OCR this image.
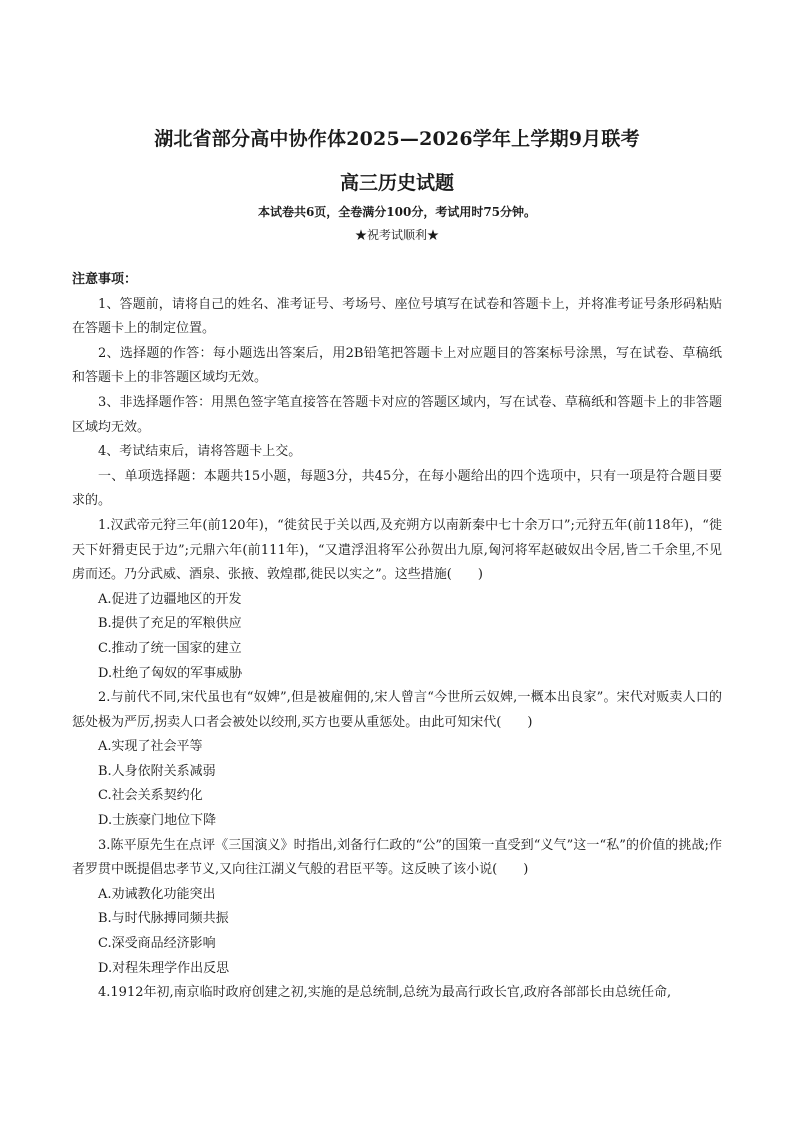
湖北省部分高中协作体2025—2026学年上学期9月联考
高三历史试题
本试卷共6页，全卷满分100分，考试用时75分钟。
★祝考试顺利★

注意事项：

1、答题前，请将自己的姓名、准考证号、考场号、座位号填写在试卷和答题卡上，并将准考证号条形码粘贴在答题卡上的制定位置。

2、选择题的作答：每小题选出答案后，用2B铅笔把答题卡上对应题目的答案标号涂黑，写在试卷、草稿纸和答题卡上的非答题区域均无效。

3、非选择题作答：用黑色签字笔直接答在答题卡对应的答题区域内，写在试卷、草稿纸和答题卡上的非答题区域均无效。

4、考试结束后，请将答题卡上交。

一、单项选择题：本题共15小题，每题3分，共45分，在每小题给出的四个选项中，只有一项是符合题目要求的。

1.汉武帝元狩三年(前120年)，“徙贫民于关以西,及充朔方以南新秦中七十余万口”;元狩五年(前118年)，“徙天下奸猾吏民于边”;元鼎六年(前111年)，“又遣浮沮将军公孙贺出九原,匈河将军赵破奴出令居,皆二千余里,不见虏而还。乃分武威、酒泉、张掖、敦煌郡,徙民以实之”。这些措施(　　)

A.促进了边疆地区的开发

B.提供了充足的军粮供应

C.推动了统一国家的建立

D.杜绝了匈奴的军事威胁

2.与前代不同,宋代虽也有“奴婢”,但是被雇佣的,宋人曾言“今世所云奴婢,一概本出良家”。宋代对贩卖人口的惩处极为严厉,拐卖人口者会被处以绞刑,买方也要从重惩处。由此可知宋代(　　)

A.实现了社会平等

B.人身依附关系减弱

C.社会关系契约化

D.士族豪门地位下降

3.陈平原先生在点评《三国演义》时指出,刘备行仁政的“公”的国策一直受到“义气”这一“私”的价值的挑战;作者罗贯中既提倡忠孝节义,又向往江湖义气般的君臣平等。这反映了该小说(　　)

A.劝诫教化功能突出

B.与时代脉搏同频共振

C.深受商品经济影响

D.对程朱理学作出反思

4.1912年初,南京临时政府创建之初,实施的是总统制,总统为最高行政长官,政府各部部长由总统任命,
